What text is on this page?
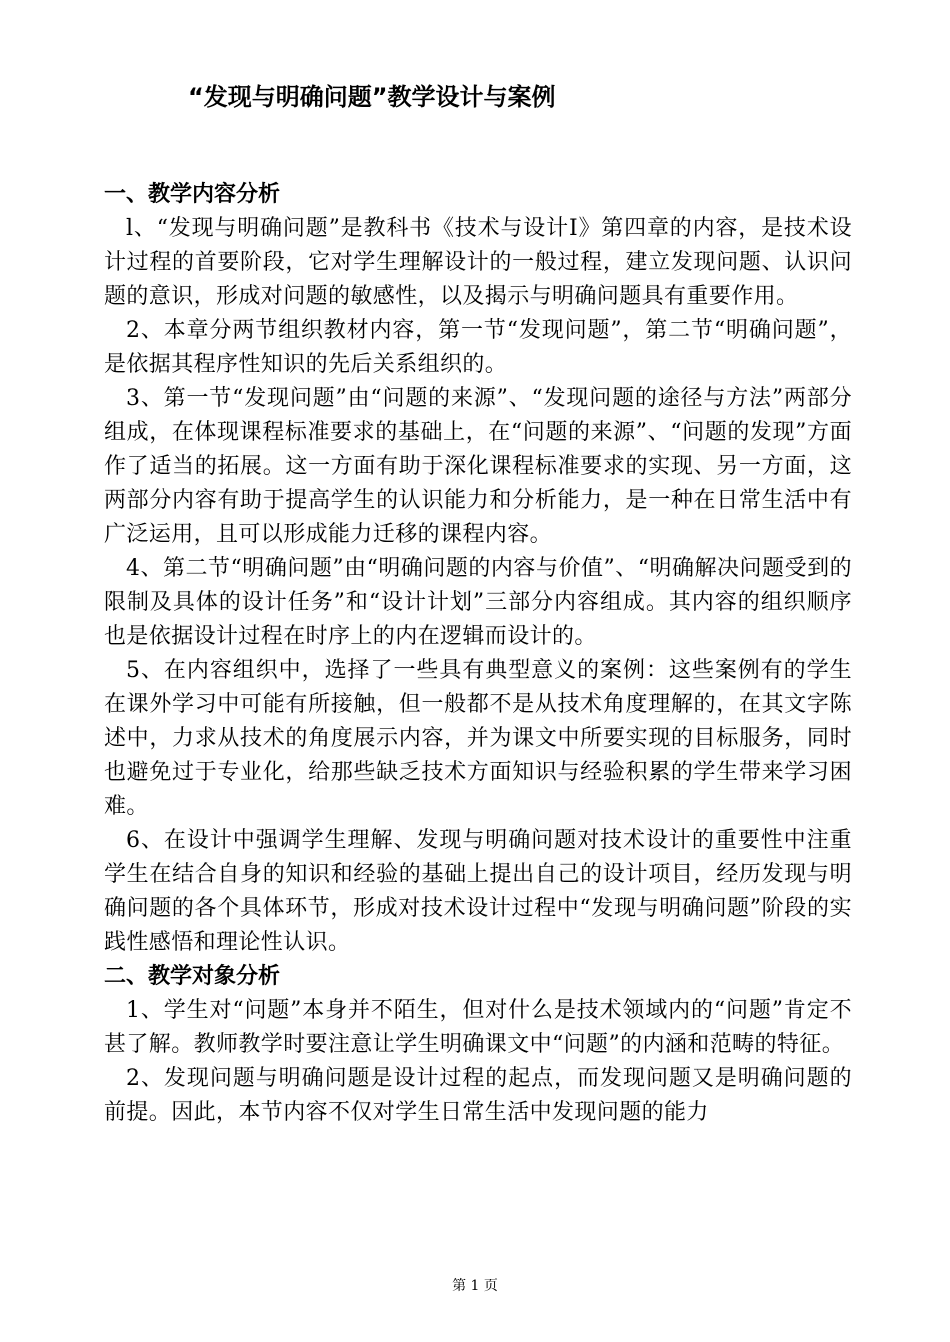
“发现与明确问题”教学设计与案例
一、教学内容分析

l、“发现与明确问题”是教科书《技术与设计Ⅰ》第四章的内容，是技术设计过程的首要阶段，它对学生理解设计的一般过程，建立发现问题、认识问题的意识，形成对问题的敏感性，以及揭示与明确问题具有重要作用。

2、本章分两节组织教材内容，第一节“发现问题”，第二节“明确问题”，是依据其程序性知识的先后关系组织的。

3、第一节“发现问题”由“问题的来源”、“发现问题的途径与方法”两部分组成，在体现课程标准要求的基础上，在“问题的来源”、“问题的发现”方面作了适当的拓展。这一方面有助于深化课程标准要求的实现、另一方面，这两部分内容有助于提高学生的认识能力和分析能力，是一种在日常生活中有广泛运用，且可以形成能力迁移的课程内容。

4、第二节“明确问题”由“明确问题的内容与价值”、“明确解决问题受到的限制及具体的设计任务”和“设计计划”三部分内容组成。其内容的组织顺序也是依据设计过程在时序上的内在逻辑而设计的。

5、在内容组织中，选择了一些具有典型意义的案例：这些案例有的学生在课外学习中可能有所接触，但一般都不是从技术角度理解的，在其文字陈述中，力求从技术的角度展示内容，并为课文中所要实现的目标服务，同时也避免过于专业化，给那些缺乏技术方面知识与经验积累的学生带来学习困难。

6、在设计中强调学生理解、发现与明确问题对技术设计的重要性中注重学生在结合自身的知识和经验的基础上提出自己的设计项目，经历发现与明确问题的各个具体环节，形成对技术设计过程中“发现与明确问题”阶段的实践性感悟和理论性认识。

二、教学对象分析

1、学生对“问题”本身并不陌生，但对什么是技术领域内的“问题”肯定不甚了解。教师教学时要注意让学生明确课文中“问题”的内涵和范畴的特征。

2、发现问题与明确问题是设计过程的起点，而发现问题又是明确问题的前提。因此，本节内容不仅对学生日常生活中发现问题的能力

第 1 页
